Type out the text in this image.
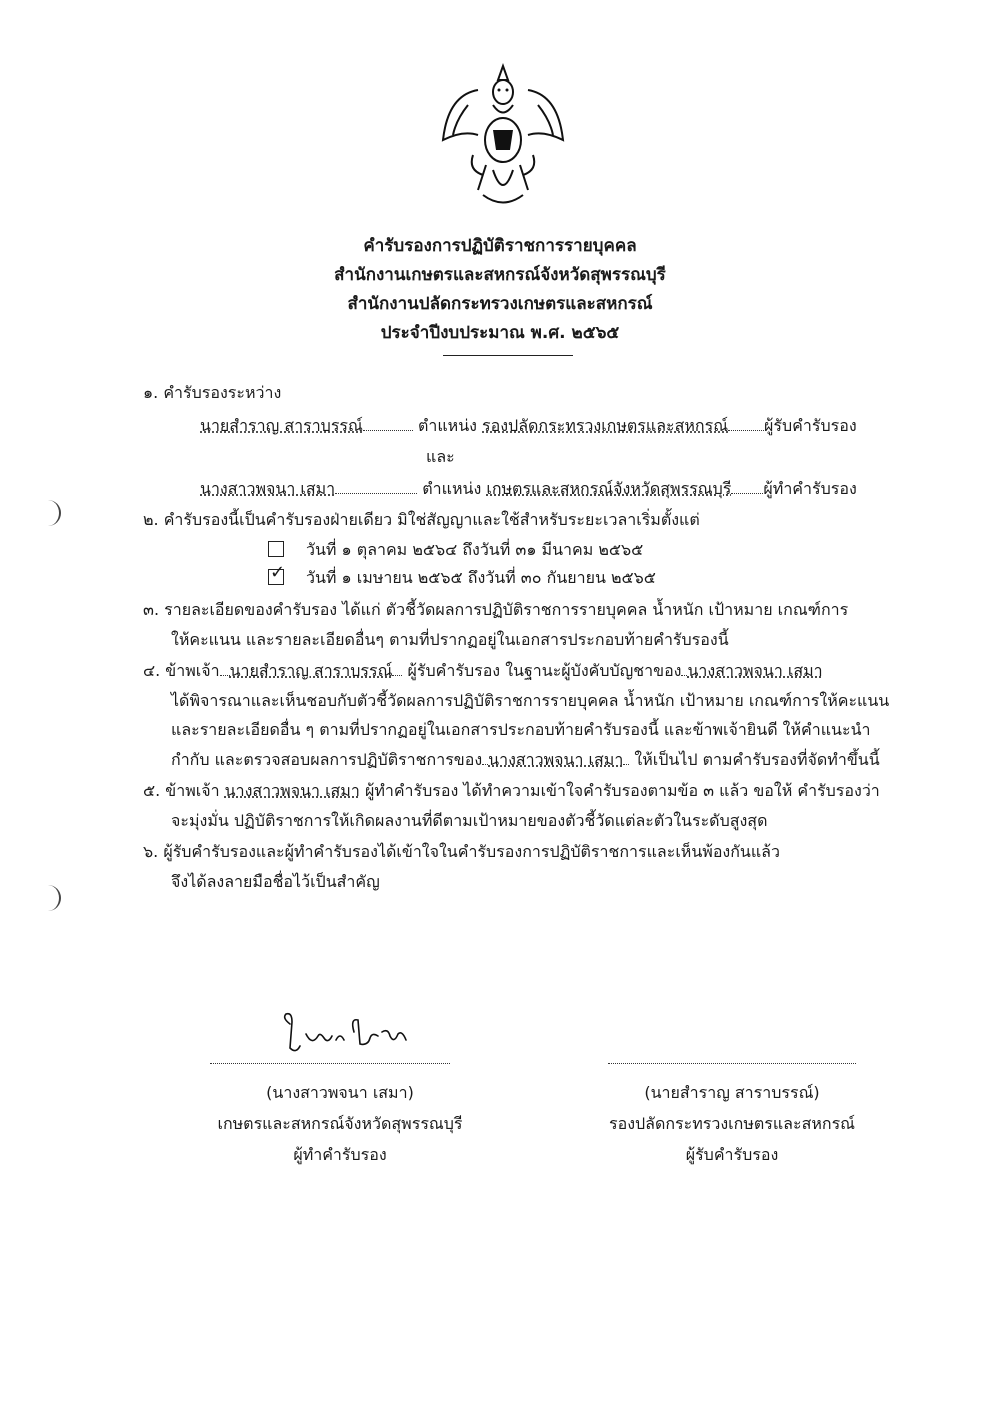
คำรับรองการปฏิบัติราชการรายบุคคล
สำนักงานเกษตรและสหกรณ์จังหวัดสุพรรณบุรี
สำนักงานปลัดกระทรวงเกษตรและสหกรณ์
ประจำปีงบประมาณ พ.ศ. ๒๕๖๕
๑. คำรับรองระหว่าง
นายสำราญ สาราบรรณ์	ตำแหน่ง รองปลัดกระทรวงเกษตรและสหกรณ์ ผู้รับคำรับรอง
และ
นางสาวพจนา เสมา	ตำแหน่ง เกษตรและสหกรณ์จังหวัดสุพรรณบุรี ผู้ทำคำรับรอง
๒. คำรับรองนี้เป็นคำรับรองฝ่ายเดียว มิใช่สัญญาและใช้สำหรับระยะเวลาเริ่มตั้งแต่
วันที่ ๑ ตุลาคม ๒๕๖๔ ถึงวันที่ ๓๑ มีนาคม ๒๕๖๕
✓ วันที่ ๑ เมษายน ๒๕๖๕ ถึงวันที่ ๓๐ กันยายน ๒๕๖๕
๓. รายละเอียดของคำรับรอง ได้แก่ ตัวชี้วัดผลการปฏิบัติราชการรายบุคคล น้ำหนัก เป้าหมาย เกณฑ์การ
ให้คะแนน และรายละเอียดอื่นๆ ตามที่ปรากฏอยู่ในเอกสารประกอบท้ายคำรับรองนี้
๔. ข้าพเจ้า นายสำราญ สาราบรรณ์ ผู้รับคำรับรอง ในฐานะผู้บังคับบัญชาของ นางสาวพจนา เสมา
ได้พิจารณาและเห็นชอบกับตัวชี้วัดผลการปฏิบัติราชการรายบุคคล น้ำหนัก เป้าหมาย เกณฑ์การให้คะแนน
และรายละเอียดอื่น ๆ ตามที่ปรากฏอยู่ในเอกสารประกอบท้ายคำรับรองนี้ และข้าพเจ้ายินดี ให้คำแนะนำ
กำกับ และตรวจสอบผลการปฏิบัติราชการของ นางสาวพจนา เสมา ให้เป็นไป ตามคำรับรองที่จัดทำขึ้นนี้
๕. ข้าพเจ้า นางสาวพจนา เสมา ผู้ทำคำรับรอง ได้ทำความเข้าใจคำรับรองตามข้อ ๓ แล้ว ขอให้ คำรับรองว่า
จะมุ่งมั่น ปฏิบัติราชการให้เกิดผลงานที่ดีตามเป้าหมายของตัวชี้วัดแต่ละตัวในระดับสูงสุด
๖. ผู้รับคำรับรองและผู้ทำคำรับรองได้เข้าใจในคำรับรองการปฏิบัติราชการและเห็นพ้องกันแล้ว
จึงได้ลงลายมือชื่อไว้เป็นสำคัญ
(นางสาวพจนา เสมา)
เกษตรและสหกรณ์จังหวัดสุพรรณบุรี
ผู้ทำคำรับรอง
(นายสำราญ สาราบรรณ์)
รองปลัดกระทรวงเกษตรและสหกรณ์
ผู้รับคำรับรอง
